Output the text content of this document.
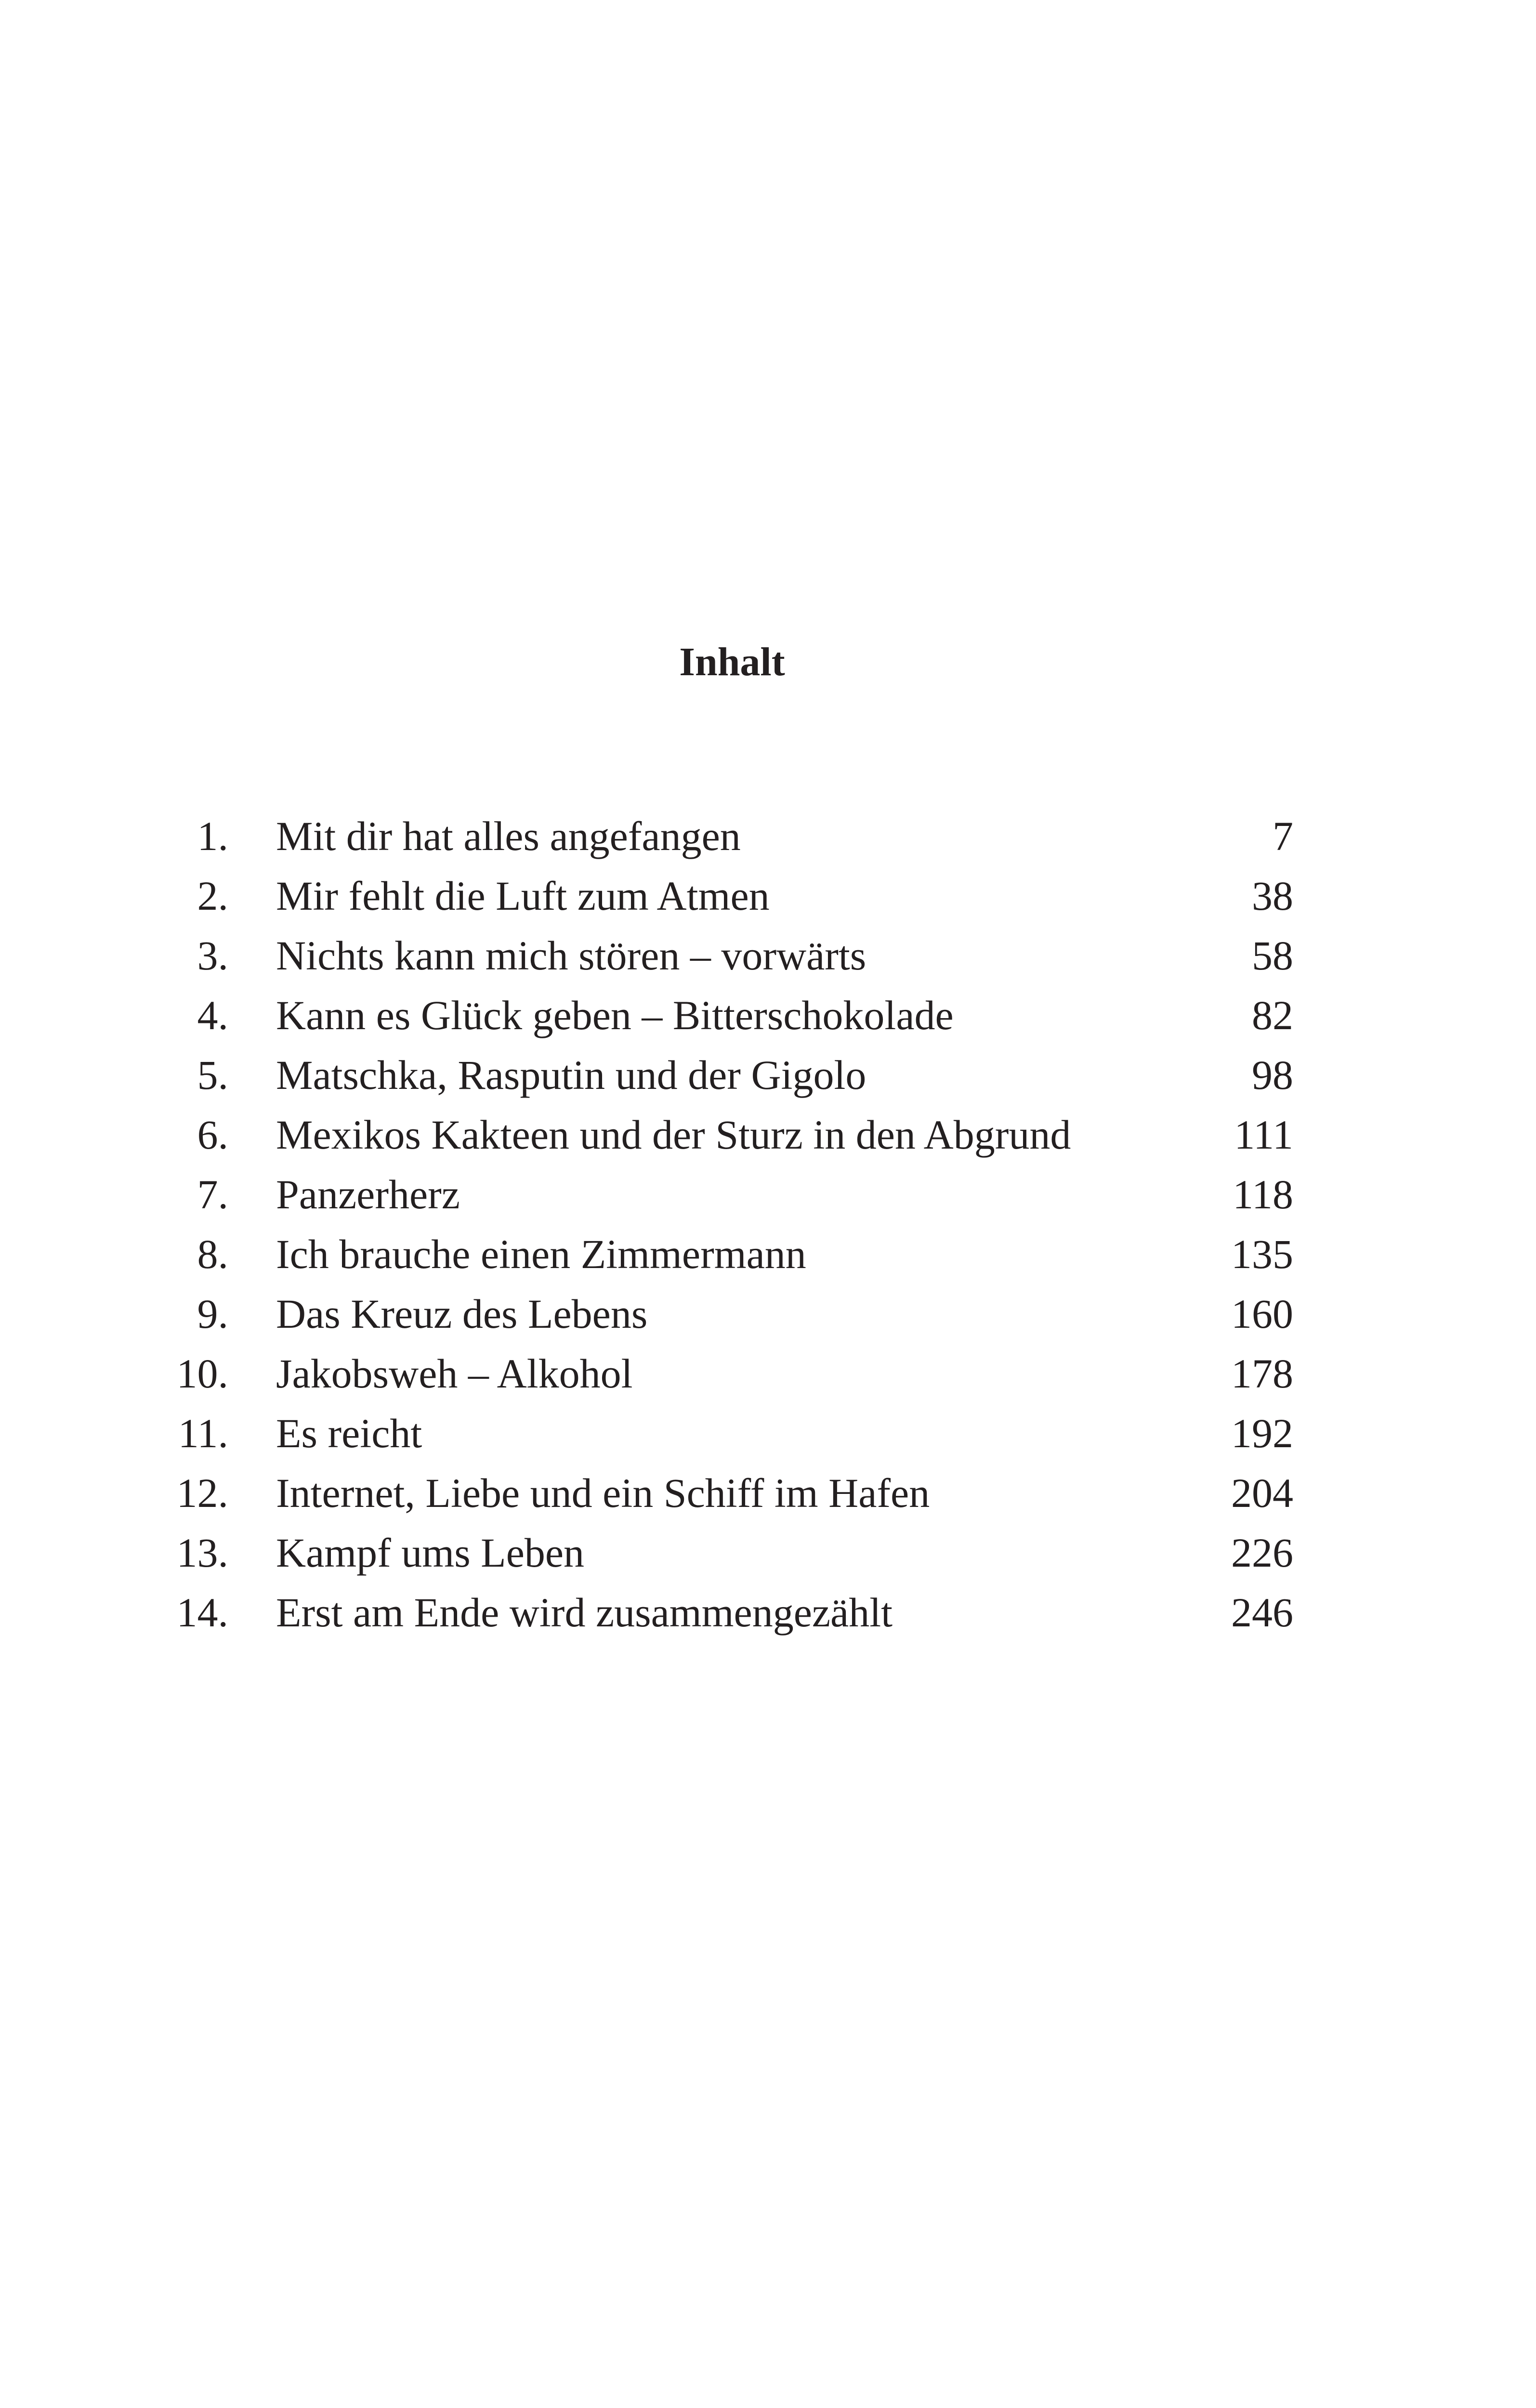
Inhalt
1. Mit dir hat alles angefangen	7
2. Mir fehlt die Luft zum Atmen	38
3. Nichts kann mich stören – vorwärts	58
4. Kann es Glück geben – Bitterschokolade	82
5. Matschka, Rasputin und der Gigolo	98
6. Mexikos Kakteen und der Sturz in den Abgrund	111
7. Panzerherz	118
8. Ich brauche einen Zimmermann	135
9. Das Kreuz des Lebens	160
10. Jakobsweh – Alkohol	178
11. Es reicht	192
12. Internet, Liebe und ein Schiff im Hafen	204
13. Kampf ums Leben	226
14. Erst am Ende wird zusammengezählt	246
